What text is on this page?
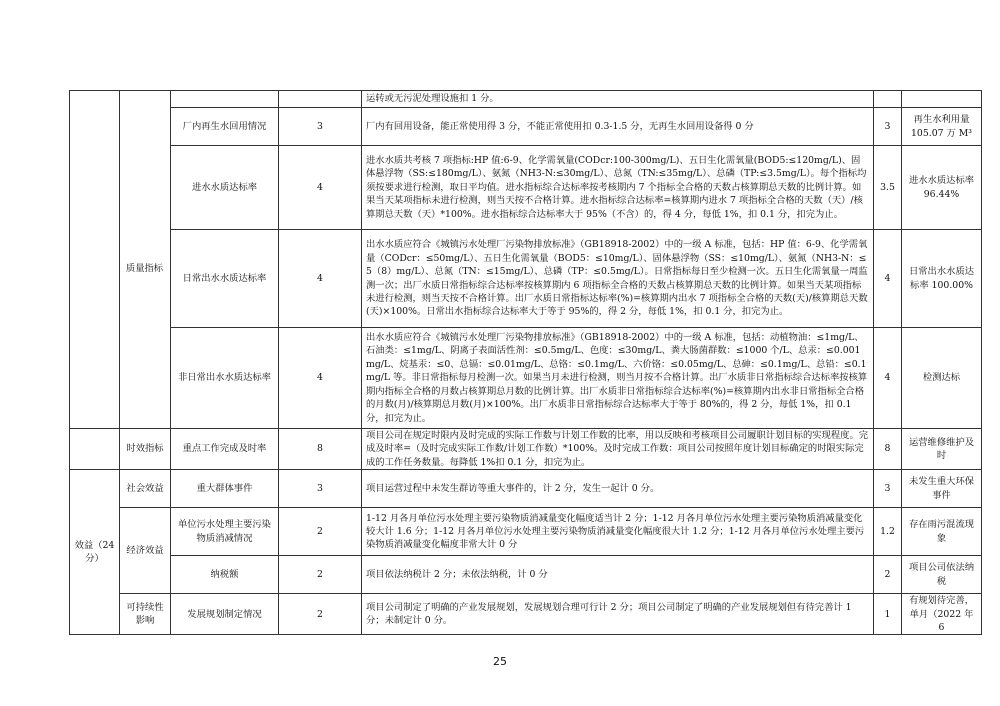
				运转或无污泥处理设施扣 1 分。		
		厂内再生水回用情况	3	厂内有回用设备，能正常使用得 3 分，不能正常使用扣 0.3-1.5 分，无再生水回用设备得 0 分	3	再生水利用量 105.07 万 M³
		进水水质达标率	4	进水水质共考核 7 项指标:HP 值:6-9、化学需氧量(CODcr:100-300mg/L)、五日生化需氧量(BOD5:≤120mg/L)、固体悬浮物（SS:≤180mg/L）、氨氮（NH3-N:≤30mg/L）、总氮（TN:≤35mg/L）、总磷（TP:≤3.5mg/L）。每个指标均须按要求进行检测，取日平均值。进水指标综合达标率按考核期内 7 个指标全合格的天数占核算期总天数的比例计算。如果当天某项指标未进行检测，则当天按不合格计算。进水指标综合达标率=核算期内进水 7 项指标全合格的天数（天）/核算期总天数（天）*100%。进水指标综合达标率大于 95%（不含）的，得 4 分，每低 1%，扣 0.1 分，扣完为止。	3.5	进水水质达标率 96.44%
		日常出水水质达标率	4	出水水质应符合《城镇污水处理厂污染物排放标准》（GB18918-2002）中的一级 A 标准，包括：HP 值：6-9、化学需氧量（CODcr：≤50mg/L）、五日生化需氧量（BOD5：≤10mg/L）、固体悬浮物（SS：≤10mg/L）、氨氮（NH3-N：≤5（8）mg/L）、总氮（TN：≤15mg/L）、总磷（TP：≤0.5mg/L）。日常指标每日至少检测一次。五日生化需氧量一周监测一次；出厂水质日常指标综合达标率按核算期内 6 项指标全合格的天数占核算期总天数的比例计算。如果当天某项指标未进行检测，则当天按不合格计算。出厂水质日常指标达标率(%)=核算期内出水 7 项指标全合格的天数(天)/核算期总天数(天)×100%。日常出水指标综合达标率大于等于 95%的，得 2 分，每低 1%，扣 0.1 分，扣完为止。	4	日常出水水质达标率 100.00%
		非日常出水水质达标率	4	出水水质应符合《城镇污水处理厂污染物排放标准》（GB18918-2002）中的一级 A 标准，包括：动植物油：≤1mg/L、石油类：≤1mg/L、阴离子表面活性剂：≤0.5mg/L、色度：≤30mg/L、粪大肠菌群数：≤1000 个/L、总汞：≤0.001mg/L、烷基汞：≤0、总镉：≤0.01mg/L、总铬：≤0.1mg/L、六价铬：≤0.05mg/L、总砷：≤0.1mg/L、总铅：≤0.1mg/L 等。非日常指标每月检测一次。如果当月未进行检测，则当月按不合格计算。出厂水质非日常指标综合达标率按核算期内指标全合格的月数占核算期总月数的比例计算。出厂水质非日常指标综合达标率(%)=核算期内出水非日常指标全合格的月数(月)/核算期总月数(月)×100%。出厂水质非日常指标综合达标率大于等于 80%的，得 2 分，每低 1%，扣 0.1 分，扣完为止。	4	检测达标
	时效指标	重点工作完成及时率	8	项目公司在规定时限内及时完成的实际工作数与计划工作数的比率，用以反映和考核项目公司履职计划目标的实现程度。完成及时率=（及时完成实际工作数/计划工作数）*100%。及时完成工作数：项目公司按照年度计划目标确定的时限实际完成的工作任务数量。每降低 1%扣 0.1 分，扣完为止。	8	运营维修维护及时
效益（24分）	社会效益	重大群体事件	3	项目运营过程中未发生群访等重大事件的，计 2 分，发生一起计 0 分。	3	未发生重大环保事件
	经济效益	单位污水处理主要污染物质消减情况	2	1-12 月各月单位污水处理主要污染物质消减量变化幅度适当计 2 分；1-12 月各月单位污水处理主要污染物质消减量变化较大计 1.6 分；1-12 月各月单位污水处理主要污染物质消减量变化幅度很大计 1.2 分；1-12 月各月单位污水处理主要污染物质消减量变化幅度非常大计 0 分	1.2	存在雨污混流现象
		纳税额	2	项目依法纳税计 2 分；未依法纳税，计 0 分	2	项目公司依法纳税
	可持续性影响	发展规划制定情况	2	项目公司制定了明确的产业发展规划，发展规划合理可行计 2 分；项目公司制定了明确的产业发展规划但有待完善计 1 分；未制定计 0 分。	1	有规划待完善，单月（2022 年 6
质量指标
25
